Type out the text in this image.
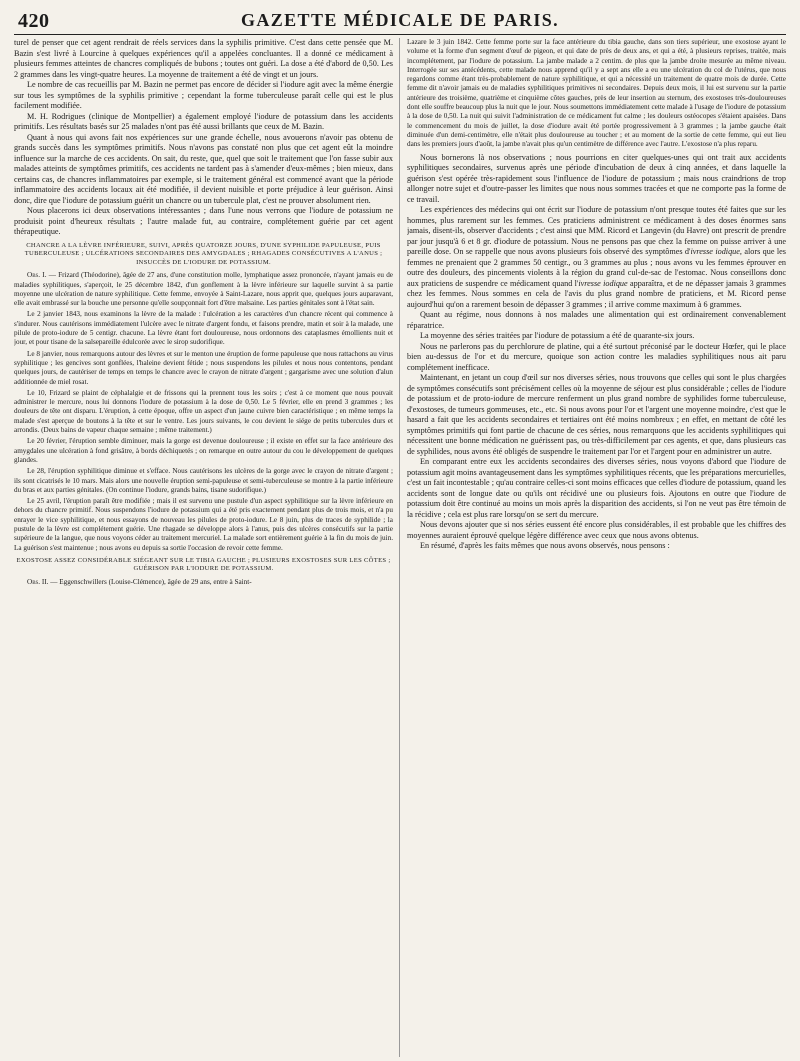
420	GAZETTE MÉDICALE DE PARIS.

turel de penser que cet agent rendrait de réels services dans la syphilis primitive. C'est dans cette pensée que M. Bazin s'est livré à Lourcine à quelques expériences qu'il a appelées concluantes. Il a donné ce médicament à plusieurs femmes atteintes de chancres compliqués de bubons ; toutes ont guéri. La dose a été d'abord de 0,50. Les 2 grammes dans les vingt-quatre heures. La moyenne de traitement a été de vingt et un jours.

Le nombre de cas recueillis par M. Bazin ne permet pas encore de décider si l'iodure agit avec la même énergie sur tous les symptômes de la syphilis primitive ; cependant la forme tuberculeuse paraît celle qui est le plus facilement modifiée.

M. H. Rodrigues (clinique de Montpellier) a également employé l'iodure de potassium dans les accidents primitifs. Les résultats basés sur 25 malades n'ont pas été aussi brillants que ceux de M. Bazin.

Quant à nous qui avons fait nos expériences sur une grande échelle, nous avouerons n'avoir pas obtenu de grands succès dans les symptômes primitifs. Nous n'avons pas constaté non plus que cet agent eût la moindre influence sur la marche de ces accidents. On sait, du reste, que, quel que soit le traitement que l'on fasse subir aux malades atteints de symptômes primitifs, ces accidents ne tardent pas à s'amender d'eux-mêmes ; bien mieux, dans certains cas, de chancres inflammatoires par exemple, si le traitement général est commencé avant que la période inflammatoire des accidents locaux ait été modifiée, il devient nuisible et porte préjudice à leur guérison. Ainsi donc, dire que l'iodure de potassium guérit un chancre ou un tubercule plat, c'est ne prouver absolument rien.

Nous placerons ici deux observations intéressantes ; dans l'une nous verrons que l'iodure de potassium ne produisit point d'heureux résultats ; l'autre malade fut, au contraire, complétement guérie par cet agent thérapeutique.

CHANCRE A LA LÈVRE INFÉRIEURE, SUIVI, APRÈS QUATORZE JOURS, D'UNE SYPHILIDE PAPULEUSE, PUIS TUBERCULEUSE ; ULCÉRATIONS SECONDAIRES DES AMYGDALES ; RHAGADES CONSÉCUTIVES A L'ANUS ; INSUCCÈS DE L'IODURE DE POTASSIUM.

Obs. I. — Frizard (Théodorine), âgée de 27 ans, d'une constitution molle, lymphatique assez prononcée, n'ayant jamais eu de maladies syphilitiques, s'aperçoit, le 25 décembre 1842, d'un gonflement à la lèvre inférieure sur laquelle survint à sa partie moyenne une ulcération de nature syphilitique. Cette femme, envoyée à Saint-Lazare, nous apprit que, quelques jours auparavant, elle avait embrassé sur la bouche une personne qu'elle soupçonnait fort d'être malsaine. Les parties génitales sont à l'état sain.

Le 2 janvier 1843, nous examinons la lèvre de la malade : l'ulcération a les caractères d'un chancre récent qui commence à s'indurer. Nous cautérisons immédiatement l'ulcère avec le nitrate d'argent fondu, et faisons prendre, matin et soir à la malade, une pilule de proto-iodure de 5 centigr. chacune. La lèvre étant fort douloureuse, nous ordonnons des cataplasmes émollients nuit et jour, et pour tisane de la salsepareille édulcorée avec le sirop sudorifique.

Le 8 janvier, nous remarquons autour des lèvres et sur le menton une éruption de forme papuleuse que nous rattachons au virus syphilitique ; les gencives sont gonflées, l'haleine devient fétide ; nous suspendons les pilules et nous nous contentons, pendant quelques jours, de cautériser de temps en temps le chancre avec le crayon de nitrate d'argent ; gargarisme avec une solution d'alun additionnée de miel rosat.

Le 10, Frizard se plaint de céphalalgie et de frissons qui la prennent tous les soirs ; c'est à ce moment que nous pouvait administrer le mercure, nous lui donnons l'iodure de potassium à la dose de 0,50. Le 5 février, elle en prend 3 grammes ; les douleurs de tête ont disparu. L'éruption, à cette époque, offre un aspect d'un jaune cuivre bien caractéristique ; en même temps la malade s'est aperçue de boutons à la tête et sur le ventre. Les jours suivants, le cou devient le siége de petits tubercules durs et arrondis. (Deux bains de vapeur chaque semaine ; même traitement.)

Le 20 février, l'éruption semble diminuer, mais la gorge est devenue douloureuse ; il existe en effet sur la face antérieure des amygdales une ulcération à fond grisâtre, à bords déchiquetés ; on remarque en outre autour du cou le développement de quelques glandes.

Le 28, l'éruption syphilitique diminue et s'efface. Nous cautérisons les ulcères de la gorge avec le crayon de nitrate d'argent ; ils sont cicatrisés le 10 mars. Mais alors une nouvelle éruption semi-papuleuse et semi-tuberculeuse se montre à la partie inférieure du bras et aux parties génitales. (On continue l'iodure, grands bains, tisane sudorifique.)

Le 25 avril, l'éruption paraît être modifiée ; mais il est survenu une pustule d'un aspect syphilitique sur la lèvre inférieure en dehors du chancre primitif. Nous suspendons l'iodure de potassium qui a été pris exactement pendant plus de trois mois, et n'a pu enrayer le vice syphilitique, et nous essayons de nouveau les pilules de proto-iodure. Le 8 juin, plus de traces de syphilide ; la pustule de la lèvre est complétement guérie. Une rhagade se développe alors à l'anus, puis des ulcères consécutifs sur la partie supérieure de la langue, que nous voyons céder au traitement mercuriel. La malade sort entièrement guérie à la fin du mois de juin. La guérison s'est maintenue ; nous avons eu depuis sa sortie l'occasion de revoir cette femme.

EXOSTOSE ASSEZ CONSIDÉRABLE SIÉGEANT SUR LE TIBIA GAUCHE ; PLUSIEURS EXOSTOSES SUR LES CÔTES ; GUÉRISON PAR L'IODURE DE POTASSIUM.

Obs. II. — Eggenschwillers (Louise-Clémence), âgée de 29 ans, entre à Saint-

Lazare le 3 juin 1842. Cette femme porte sur la face antérieure du tibia gauche, dans son tiers supérieur, une exostose ayant le volume et la forme d'un segment d'œuf de pigeon, et qui date de près de deux ans, et qui a été, à plusieurs reprises, traitée, mais incomplétement, par l'iodure de potassium. La jambe malade a 2 centim. de plus que la jambe droite mesurée au même niveau. Interrogée sur ses antécédents, cette malade nous apprend qu'il y a sept ans elle a eu une ulcération du col de l'utérus, que nous regardons comme étant très-probablement de nature syphilitique, et qui a nécessité un traitement de quatre mois de durée. Cette femme dit n'avoir jamais eu de maladies syphilitiques primitives ni secondaires. Depuis deux mois, il lui est survenu sur la partie antérieure des troisième, quatrième et cinquième côtes gauches, près de leur insertion au sternum, des exostoses très-douloureuses dont elle souffre beaucoup plus la nuit que le jour. Nous soumettons immédiatement cette malade à l'usage de l'iodure de potassium à la dose de 0,50. La nuit qui suivit l'administration de ce médicament fut calme ; les douleurs ostéocopes s'étaient apaisées. Dans le commencement du mois de juillet, la dose d'iodure avait été portée progressivement à 3 grammes ; la jambe gauche était diminuée d'un demi-centimètre, elle n'était plus douloureuse au toucher ; et au moment de la sortie de cette femme, qui eut lieu dans les premiers jours d'août, la jambe n'avait plus qu'un centimètre de différence avec l'autre. L'exostose n'a plus reparu.

Nous bornerons là nos observations ; nous pourrions en citer quelques-unes qui ont trait aux accidents syphilitiques secondaires, survenus après une période d'incubation de deux à cinq années, et dans laquelle la guérison s'est opérée très-rapidement sous l'influence de l'iodure de potassium ; mais nous craindrions de trop allonger notre sujet et d'outre-passer les limites que nous nous sommes tracées et que ne comporte pas la forme de ce travail.

Les expériences des médecins qui ont écrit sur l'iodure de potassium n'ont presque toutes été faites que sur les hommes, plus rarement sur les femmes. Ces praticiens administrent ce médicament à des doses énormes sans jamais, disent-ils, observer d'accidents ; c'est ainsi que MM. Ricord et Langevin (du Havre) ont prescrit de prendre par jour jusqu'à 6 et 8 gr. d'iodure de potassium. Nous ne pensons pas que chez la femme on puisse arriver à une pareille dose. On se rappelle que nous avons plusieurs fois observé des symptômes d'ivresse iodique, alors que les femmes ne prenaient que 2 grammes 50 centigr., ou 3 grammes au plus ; nous avons vu les femmes éprouver en outre des douleurs, des pincements violents à la région du grand cul-de-sac de l'estomac. Nous conseillons donc aux praticiens de suspendre ce médicament quand l'ivresse iodique apparaîtra, et de ne dépasser jamais 3 grammes chez les femmes. Nous sommes en cela de l'avis du plus grand nombre de praticiens, et M. Ricord pense aujourd'hui qu'on a rarement besoin de dépasser 3 grammes ; il arrive comme maximum à 6 grammes.

Quant au régime, nous donnons à nos malades une alimentation qui est ordinairement convenablement réparatrice.

La moyenne des séries traitées par l'iodure de potassium a été de quarante-six jours.

Nous ne parlerons pas du perchlorure de platine, qui a été surtout préconisé par le docteur Hœfer, qui le place bien au-dessus de l'or et du mercure, quoique son action contre les maladies syphilitiques nous ait paru complétement inefficace.

Maintenant, en jetant un coup d'œil sur nos diverses séries, nous trouvons que celles qui sont le plus chargées de symptômes consécutifs sont précisément celles où la moyenne de séjour est plus considérable ; celles de l'iodure de potassium et de proto-iodure de mercure renferment un plus grand nombre de syphilides forme tuberculeuse, d'exostoses, de tumeurs gommeuses, etc., etc. Si nous avons pour l'or et l'argent une moyenne moindre, c'est que le hasard a fait que les accidents secondaires et tertiaires ont été moins nombreux ; en effet, en mettant de côté les symptômes primitifs qui font partie de chacune de ces séries, nous remarquons que les accidents syphilitiques qui nécessitent une bonne médication ne guérissent pas, ou très-difficilement par ces agents, et que, dans plusieurs cas de syphilides, nous avons été obligés de suspendre le traitement par l'or et l'argent pour en administrer un autre.

En comparant entre eux les accidents secondaires des diverses séries, nous voyons d'abord que l'iodure de potassium agit moins avantageusement dans les symptômes syphilitiques récents, que les préparations mercurielles, c'est un fait incontestable ; qu'au contraire celles-ci sont moins efficaces que celles d'iodure de potassium, quand les accidents sont de longue date ou qu'ils ont récidivé une ou plusieurs fois. Ajoutons en outre que l'iodure de potassium doit être continué au moins un mois après la disparition des accidents, si l'on ne veut pas être témoin de la récidive ; cela est plus rare lorsqu'on se sert du mercure.

Nous devons ajouter que si nos séries eussent été encore plus considérables, il est probable que les chiffres des moyennes auraient éprouvé quelque légère différence avec ceux que nous avons obtenus.

En résumé, d'après les faits mêmes que nous avons observés, nous pensons :
